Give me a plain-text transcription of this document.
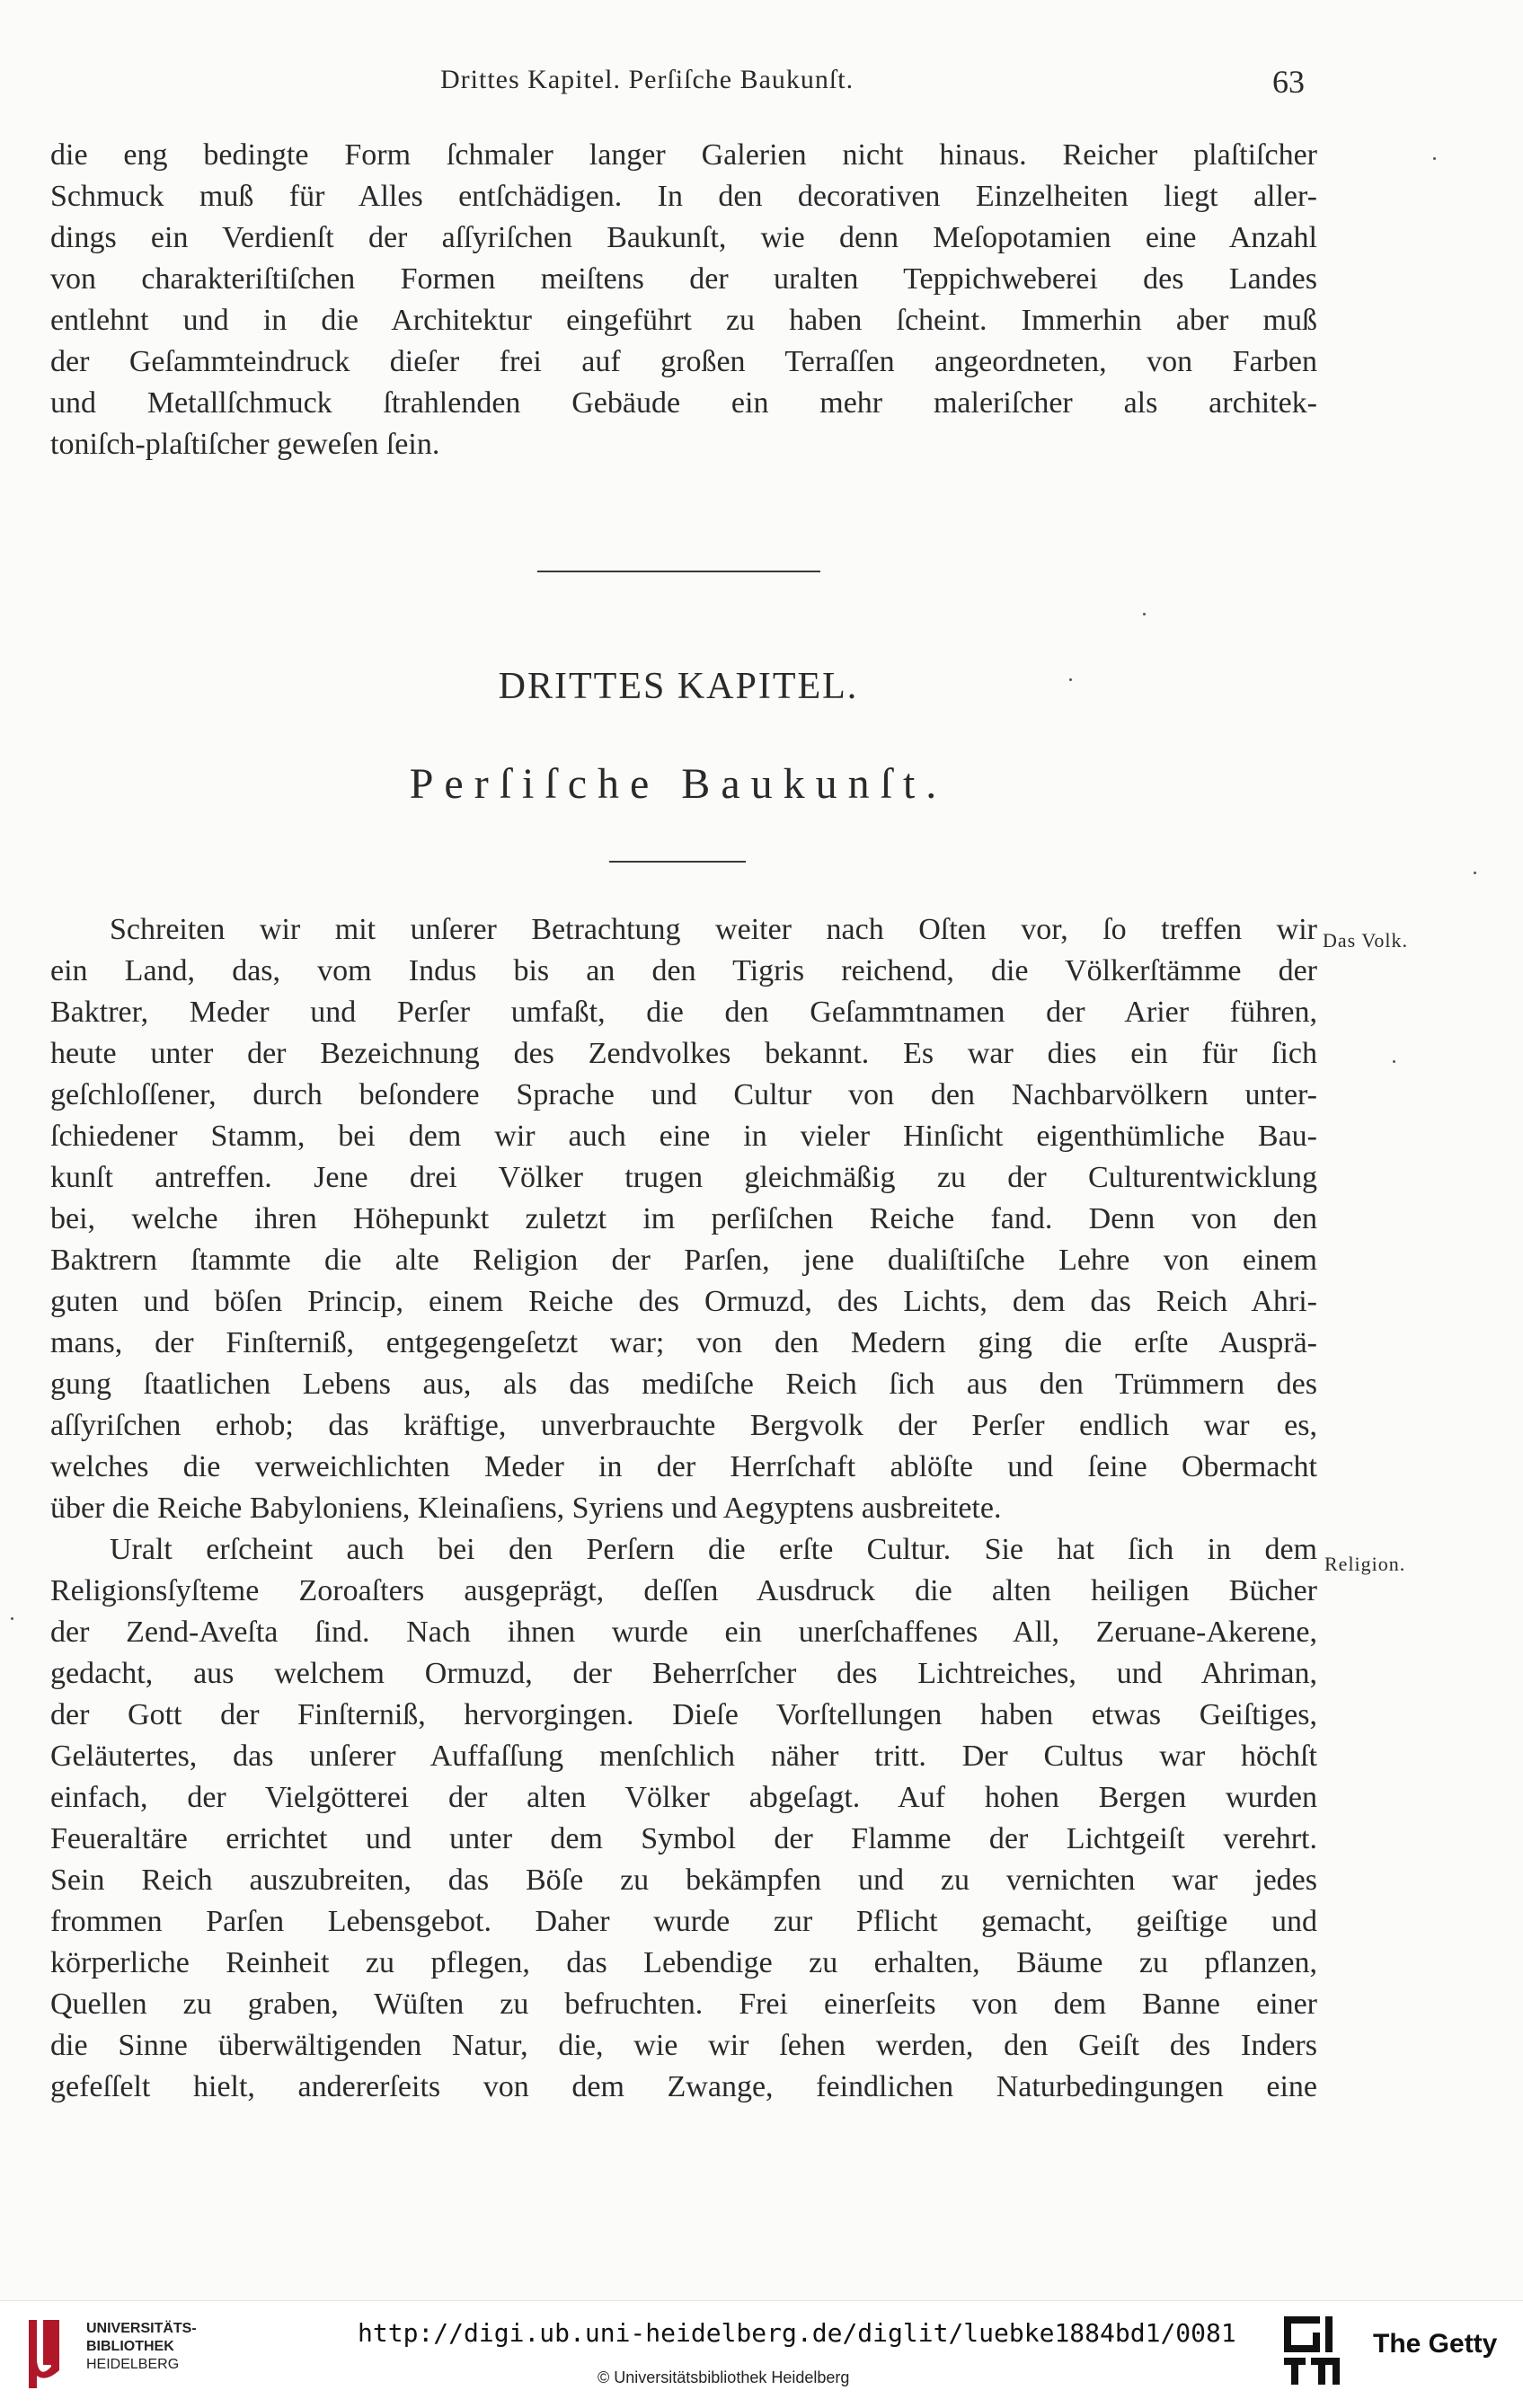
Drittes Kapitel. Perſiſche Baukunſt.	63
die eng bedingte Form ſchmaler langer Galerien nicht hinaus. Reicher plaſtiſcher
Schmuck muß für Alles entſchädigen. In den decorativen Einzelheiten liegt aller-
dings ein Verdienſt der aſſyriſchen Baukunſt, wie denn Meſopotamien eine Anzahl
von charakteriſtiſchen Formen meiſtens der uralten Teppichweberei des Landes
entlehnt und in die Architektur eingeführt zu haben ſcheint. Immerhin aber muß
der Geſammteindruck dieſer frei auf großen Terraſſen angeordneten, von Farben
und Metallſchmuck ſtrahlenden Gebäude ein mehr maleriſcher als architek-
toniſch-plaſtiſcher geweſen ſein.
DRITTES KAPITEL.
Perſiſche Baukunſt.
Schreiten wir mit unſerer Betrachtung weiter nach Oſten vor, ſo treffen wir
ein Land, das, vom Indus bis an den Tigris reichend, die Völkerſtämme der
Baktrer, Meder und Perſer umfaßt, die den Geſammtnamen der Arier führen,
heute unter der Bezeichnung des Zendvolkes bekannt. Es war dies ein für ſich
geſchloſſener, durch beſondere Sprache und Cultur von den Nachbarvölkern unter-
ſchiedener Stamm, bei dem wir auch eine in vieler Hinſicht eigenthümliche Bau-
kunſt antreffen. Jene drei Völker trugen gleichmäßig zu der Culturentwicklung
bei, welche ihren Höhepunkt zuletzt im perſiſchen Reiche fand. Denn von den
Baktrern ſtammte die alte Religion der Parſen, jene dualiſtiſche Lehre von einem
guten und böſen Princip, einem Reiche des Ormuzd, des Lichts, dem das Reich Ahri-
mans, der Finſterniß, entgegengeſetzt war; von den Medern ging die erſte Ausprä-
gung ſtaatlichen Lebens aus, als das mediſche Reich ſich aus den Trümmern des
aſſyriſchen erhob; das kräftige, unverbrauchte Bergvolk der Perſer endlich war es,
welches die verweichlichten Meder in der Herrſchaft ablöſte und ſeine Obermacht
über die Reiche Babyloniens, Kleinaſiens, Syriens und Aegyptens ausbreitete.
Das Volk.
Uralt erſcheint auch bei den Perſern die erſte Cultur. Sie hat ſich in dem
Religionsſyſteme Zoroaſters ausgeprägt, deſſen Ausdruck die alten heiligen Bücher
der Zend-Aveſta ſind. Nach ihnen wurde ein unerſchaffenes All, Zeruane-Akerene,
gedacht, aus welchem Ormuzd, der Beherrſcher des Lichtreiches, und Ahriman,
der Gott der Finſterniß, hervorgingen. Dieſe Vorſtellungen haben etwas Geiſtiges,
Geläutertes, das unſerer Auffaſſung menſchlich näher tritt. Der Cultus war höchſt
einfach, der Vielgötterei der alten Völker abgeſagt. Auf hohen Bergen wurden
Feueraltäre errichtet und unter dem Symbol der Flamme der Lichtgeiſt verehrt.
Sein Reich auszubreiten, das Böſe zu bekämpfen und zu vernichten war jedes
frommen Parſen Lebensgebot. Daher wurde zur Pflicht gemacht, geiſtige und
körperliche Reinheit zu pflegen, das Lebendige zu erhalten, Bäume zu pflanzen,
Quellen zu graben, Wüſten zu befruchten. Frei einerſeits von dem Banne einer
die Sinne überwältigenden Natur, die, wie wir ſehen werden, den Geiſt des Inders
gefeſſelt hielt, andererſeits von dem Zwange, feindlichen Naturbedingungen eine
Religion.
UNIVERSITÄTS-
BIBLIOTHEK
HEIDELBERG
http://digi.ub.uni-heidelberg.de/diglit/luebke1884bd1/0081
© Universitätsbibliothek Heidelberg
The Getty
